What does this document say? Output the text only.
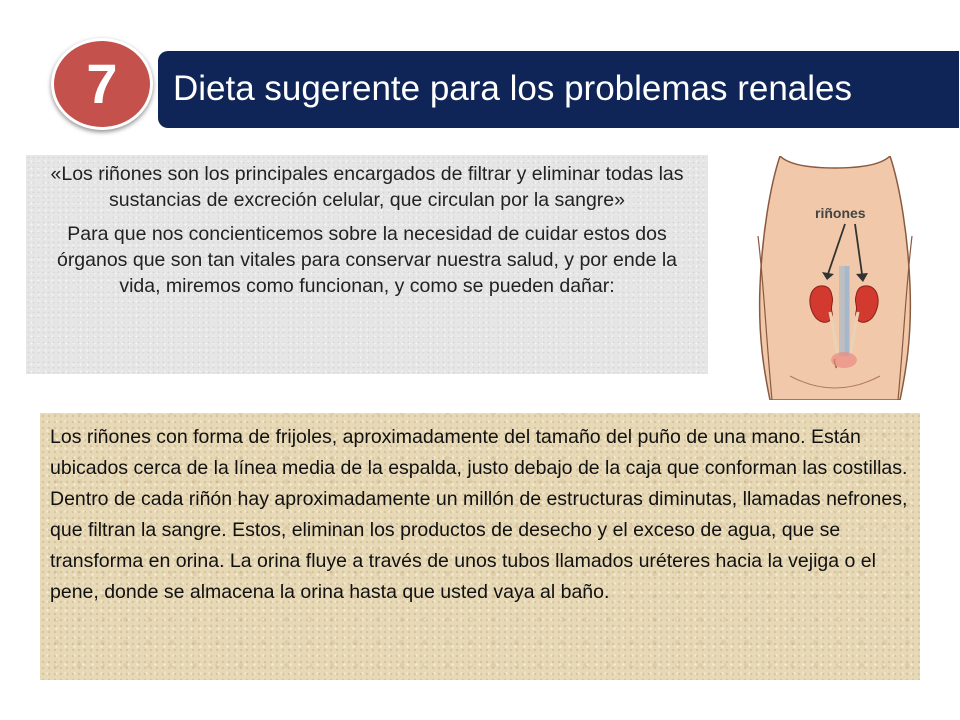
Dieta sugerente para los problemas renales
7

«Los riñones son los principales encargados de filtrar y eliminar todas las sustancias de excreción celular, que circulan por la sangre»

Para que nos concienticemos sobre la necesidad de cuidar estos dos órganos que son tan vitales para conservar nuestra salud, y por ende la vida, miremos como funcionan, y como se pueden dañar:

riñones

Los riñones con forma de frijoles, aproximadamente del tamaño del puño de una mano. Están ubicados cerca de la línea media de la espalda, justo debajo de la caja que conforman las costillas.

Dentro de cada riñón hay aproximadamente un millón de estructuras diminutas, llamadas nefrones, que filtran la sangre. Estos, eliminan los productos de desecho y el exceso de agua, que se transforma en orina. La orina fluye a través de unos tubos llamados uréteres hacia la vejiga o el pene, donde se almacena la orina hasta que usted vaya al baño.
